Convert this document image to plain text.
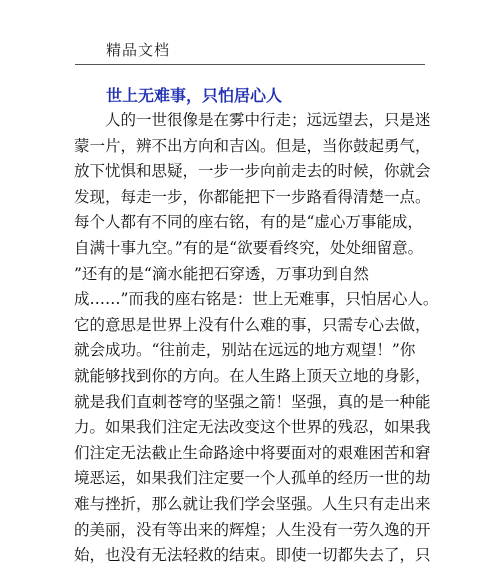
精品文档
世上无难事，只怕居心人
　　人的一世很像是在雾中行走；远远望去，只是迷
蒙一片，辨不出方向和吉凶。但是，当你鼓起勇气，
放下忧惧和思疑，一步一步向前走去的时候，你就会
发现，每走一步，你都能把下一步路看得清楚一点。
每个人都有不同的座右铭，有的是“虚心万事能成，
自满十事九空。”有的是“欲要看终究，处处细留意。
”还有的是“滴水能把石穿透，万事功到自然
成……”而我的座右铭是：世上无难事，只怕居心人。
它的意思是世界上没有什么难的事，只需专心去做，
就会成功。“往前走，别站在远远的地方观望！”你
就能够找到你的方向。在人生路上顶天立地的身影，
就是我们直刺苍穹的坚强之箭！坚强，真的是一种能
力。如果我们注定无法改变这个世界的残忍，如果我
们注定无法截止生命路途中将要面对的艰难困苦和窘
境恶运，如果我们注定要一个人孤单的经历一世的劫
难与挫折，那么就让我们学会坚强。人生只有走出来
的美丽，没有等出来的辉煌；人生没有一劳久逸的开
始，也没有无法轻救的结束。即使一切都失去了，只
